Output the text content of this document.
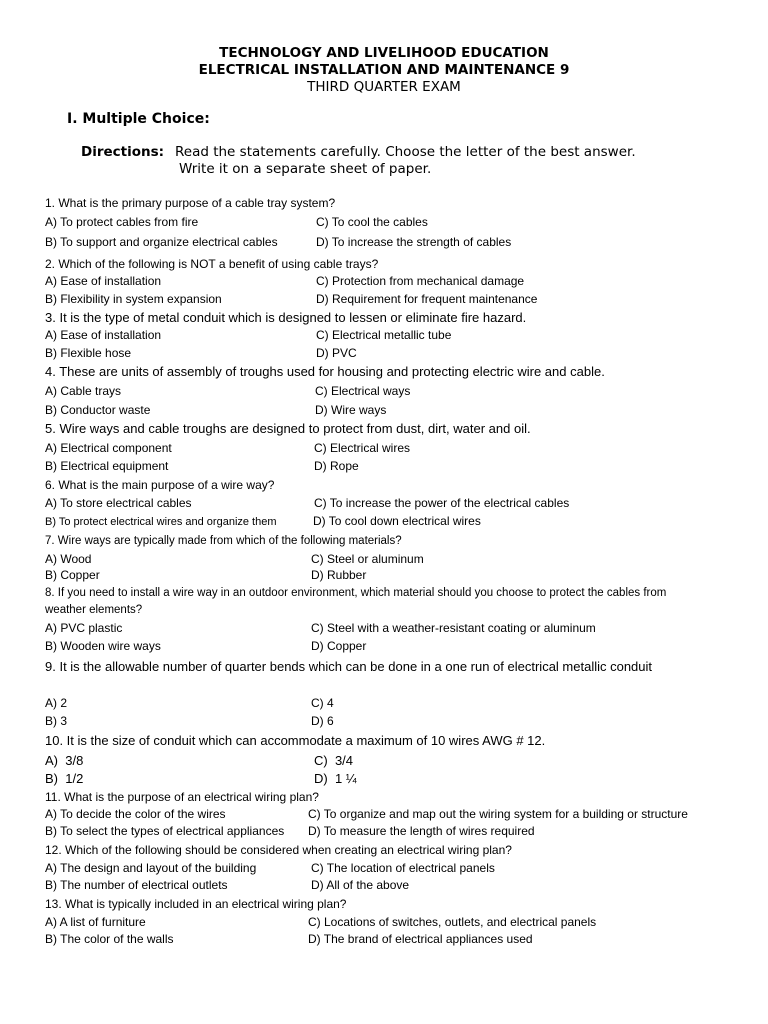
TECHNOLOGY AND LIVELIHOOD EDUCATION
ELECTRICAL INSTALLATION AND MAINTENANCE 9
THIRD QUARTER EXAM
I. Multiple Choice:
Directions: Read the statements carefully. Choose the letter of the best answer.
Write it on a separate sheet of paper.
1. What is the primary purpose of a cable tray system?
A) To protect cables from fire	C) To cool the cables
B) To support and organize electrical cables	D) To increase the strength of cables
2. Which of the following is NOT a benefit of using cable trays?
A) Ease of installation	C) Protection from mechanical damage
B) Flexibility in system expansion	D) Requirement for frequent maintenance
3. It is the type of metal conduit which is designed to lessen or eliminate fire hazard.
A) Ease of installation	C) Electrical metallic tube
B) Flexible hose	D) PVC
4. These are units of assembly of troughs used for housing and protecting electric wire and cable.
A) Cable trays	C) Electrical ways
B) Conductor waste	D) Wire ways
5. Wire ways and cable troughs are designed to protect from dust, dirt, water and oil.
A) Electrical component	C) Electrical wires
B) Electrical equipment	D) Rope
6. What is the main purpose of a wire way?
A) To store electrical cables	C) To increase the power of the electrical cables
B) To protect electrical wires and organize them	D) To cool down electrical wires
7. Wire ways are typically made from which of the following materials?
A) Wood	C) Steel or aluminum
B) Copper	D) Rubber
8. If you need to install a wire way in an outdoor environment, which material should you choose to protect the cables from weather elements?
A) PVC plastic	C) Steel with a weather-resistant coating or aluminum
B) Wooden wire ways	D) Copper
9. It is the allowable number of quarter bends which can be done in a one run of electrical metallic conduit
A) 2	C) 4
B) 3	D) 6
10. It is the size of conduit which can accommodate a maximum of 10 wires AWG # 12.
A)  3/8	C)  3/4
B)  1/2	D)  1 ¼
11. What is the purpose of an electrical wiring plan?
A) To decide the color of the wires	C) To organize and map out the wiring system for a building or structure
B) To select the types of electrical appliances D) To measure the length of wires required
12. Which of the following should be considered when creating an electrical wiring plan?
A) The design and layout of the building	C) The location of electrical panels
B) The number of electrical outlets	D) All of the above
13. What is typically included in an electrical wiring plan?
A) A list of furniture	C) Locations of switches, outlets, and electrical panels
B) The color of the walls	D) The brand of electrical appliances used
